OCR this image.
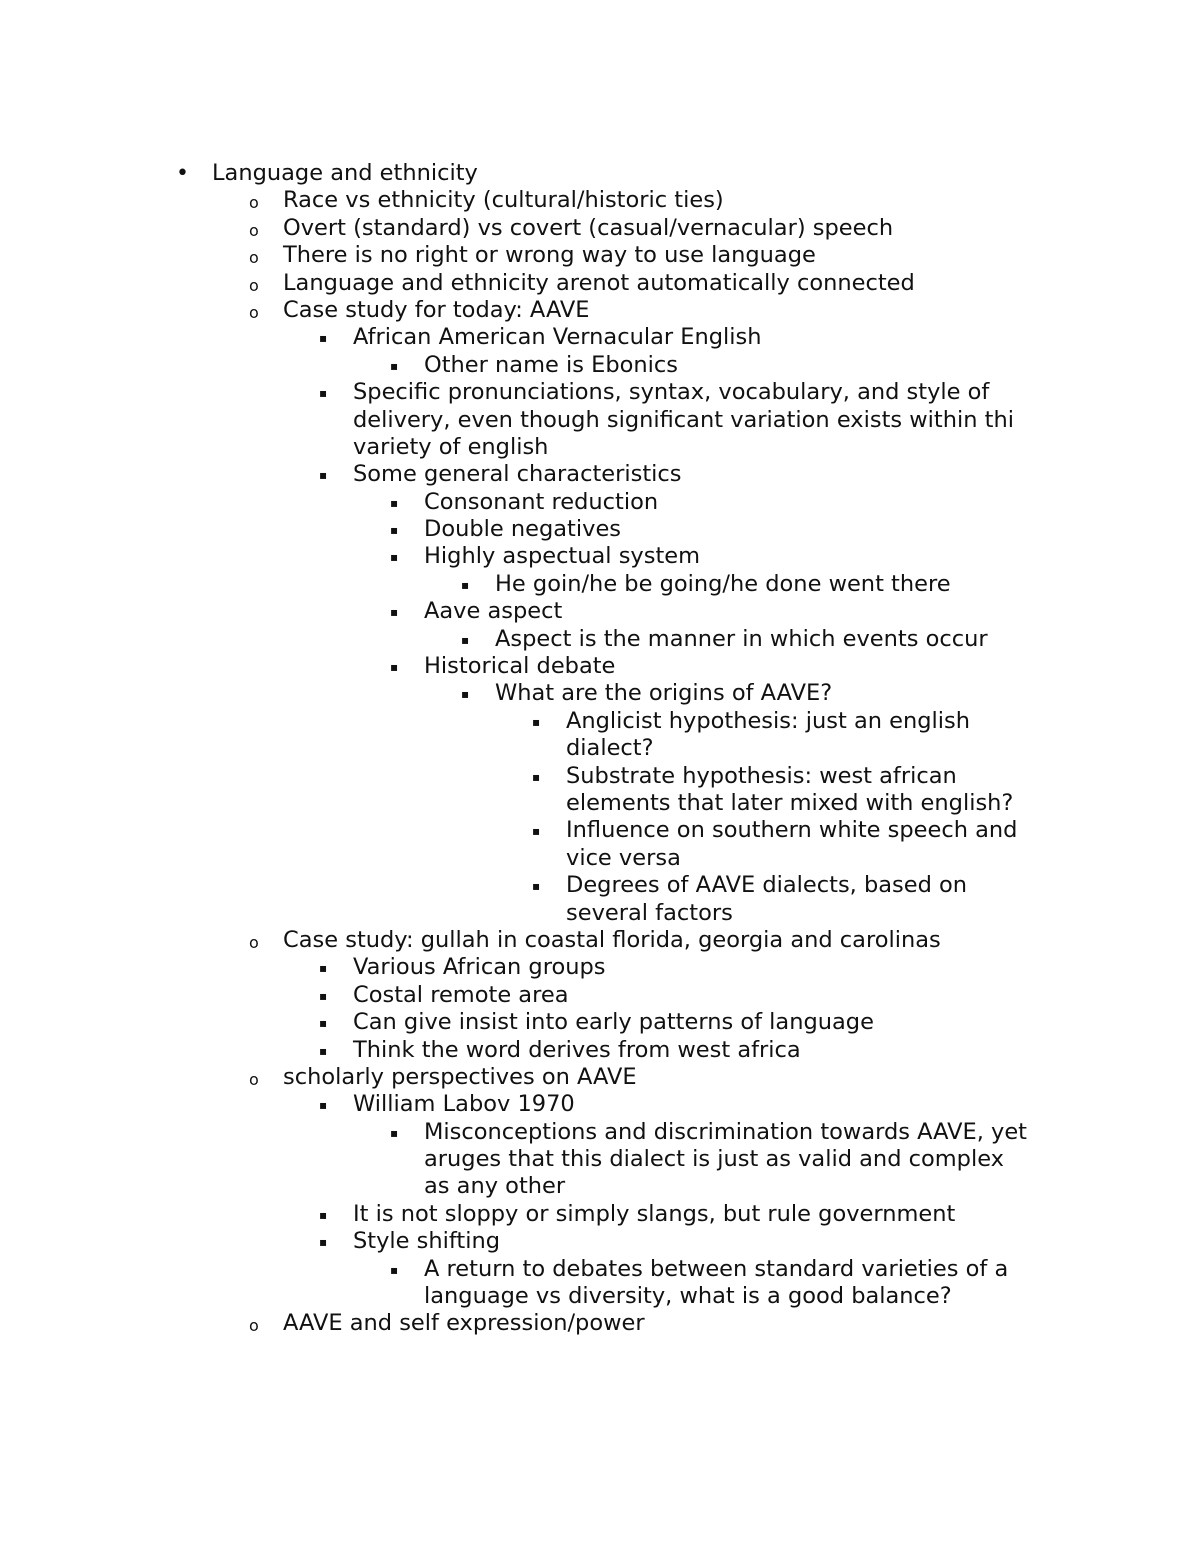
•	Language and ethnicity
o	Race vs ethnicity (cultural/historic ties)
o	Overt (standard) vs covert (casual/vernacular) speech
o	There is no right or wrong way to use language
o	Language and ethnicity arenot automatically connected
o	Case study for today: AAVE
▪	African American Vernacular English
▪	Other name is Ebonics
▪	Specific pronunciations, syntax, vocabulary, and style of
delivery, even though significant variation exists within thi
variety of english
▪	Some general characteristics
▪	Consonant reduction
▪	Double negatives
▪	Highly aspectual system
▪	He goin/he be going/he done went there
▪	Aave aspect
▪	Aspect is the manner in which events occur
▪	Historical debate
▪	What are the origins of AAVE?
▪	Anglicist hypothesis: just an english
dialect?
▪	Substrate hypothesis: west african
elements that later mixed with english?
▪	Influence on southern white speech and
vice versa
▪	Degrees of AAVE dialects, based on
several factors
o	Case study: gullah in coastal florida, georgia and carolinas
▪	Various African groups
▪	Costal remote area
▪	Can give insist into early patterns of language
▪	Think the word derives from west africa
o	scholarly perspectives on AAVE
▪	William Labov 1970
▪	Misconceptions and discrimination towards AAVE, yet
aruges that this dialect is just as valid and complex
as any other
▪	It is not sloppy or simply slangs, but rule government
▪	Style shifting
▪	A return to debates between standard varieties of a
language vs diversity, what is a good balance?
o	AAVE and self expression/power
